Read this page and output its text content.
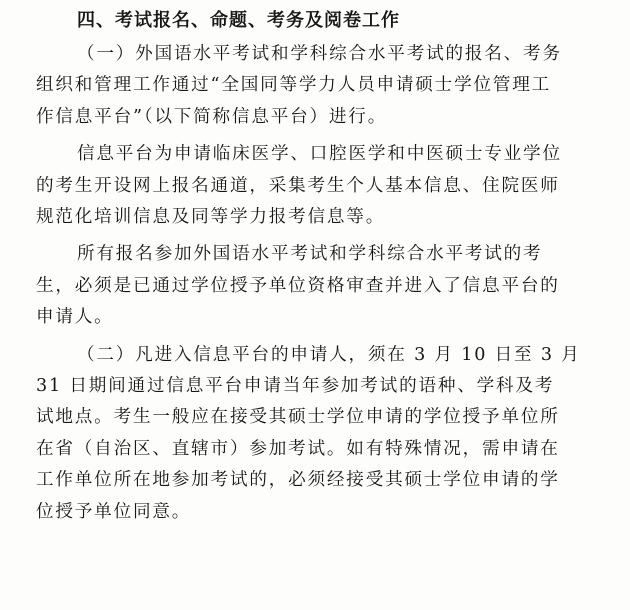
四、考试报名、命题、考务及阅卷工作

（一）外国语水平考试和学科综合水平考试的报名、考务
组织和管理工作通过“全国同等学力人员申请硕士学位管理工
作信息平台”（以下简称信息平台）进行。

信息平台为申请临床医学、口腔医学和中医硕士专业学位
的考生开设网上报名通道，采集考生个人基本信息、住院医师
规范化培训信息及同等学力报考信息等。

所有报名参加外国语水平考试和学科综合水平考试的考
生，必须是已通过学位授予单位资格审查并进入了信息平台的
申请人。

（二）凡进入信息平台的申请人，须在 3 月 10 日至 3 月
31 日期间通过信息平台申请当年参加考试的语种、学科及考
试地点。考生一般应在接受其硕士学位申请的学位授予单位所
在省（自治区、直辖市）参加考试。如有特殊情况，需申请在
工作单位所在地参加考试的，必须经接受其硕士学位申请的学
位授予单位同意。
